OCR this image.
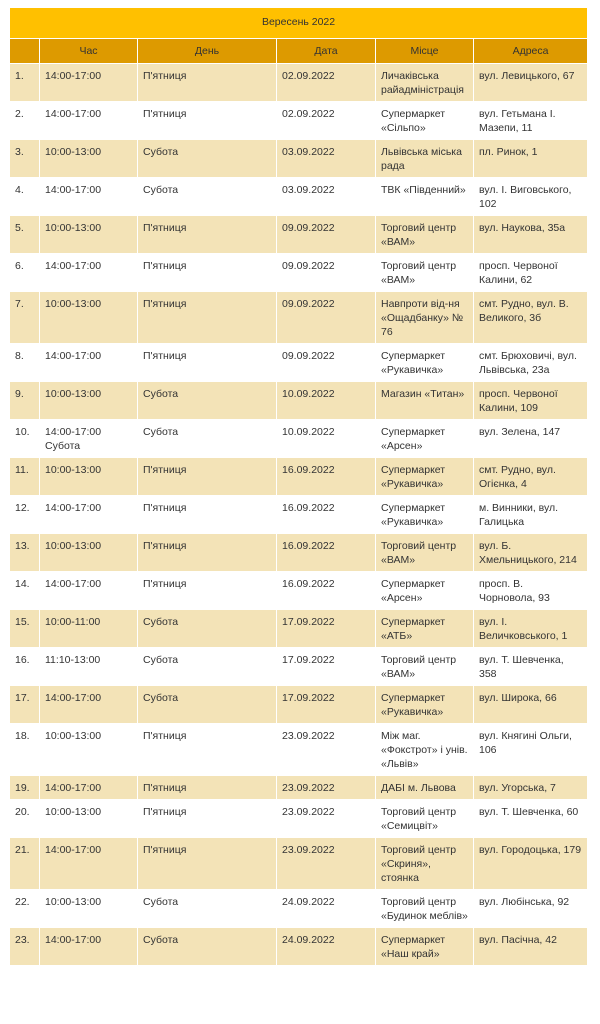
Вересень 2022					
	Час	День	Дата	Місце	Адреса
1.	14:00-17:00	П'ятниця	02.09.2022	Личаківська райадміністрація	вул. Левицького, 67
2.	14:00-17:00	П'ятниця	02.09.2022	Супермаркет «Сільпо»	вул. Гетьмана І. Мазепи, 11
3.	10:00-13:00	Субота	03.09.2022	Львівська міська рада	пл. Ринок, 1
4.	14:00-17:00	Субота	03.09.2022	ТВК «Південний»	вул. І. Виговського, 102
5.	10:00-13:00	П'ятниця	09.09.2022	Торговий центр «ВАМ»	вул. Наукова, 35а
6.	14:00-17:00	П'ятниця	09.09.2022	Торговий центр «ВАМ»	просп. Червоної Калини, 62
7.	10:00-13:00	П'ятниця	09.09.2022	Навпроти від-ня «Ощадбанку» № 76	смт. Рудно, вул. В. Великого, 3б
8.	14:00-17:00	П'ятниця	09.09.2022	Супермаркет «Рукавичка»	смт. Брюховичі, вул. Львівська, 23а
9.	10:00-13:00	Субота	10.09.2022	Магазин «Титан»	просп. Червоної Калини, 109
10.	14:00-17:00 Субота	Субота	10.09.2022	Супермаркет «Арсен»	вул. Зелена, 147
11.	10:00-13:00	П'ятниця	16.09.2022	Супермаркет «Рукавичка»	смт. Рудно, вул. Огієнка, 4
12.	14:00-17:00	П'ятниця	16.09.2022	Супермаркет «Рукавичка»	м. Винники, вул. Галицька
13.	10:00-13:00	П'ятниця	16.09.2022	Торговий центр «ВАМ»	вул. Б. Хмельницького, 214
14.	14:00-17:00	П'ятниця	16.09.2022	Супермаркет «Арсен»	просп. В. Чорновола, 93
15.	10:00-11:00	Субота	17.09.2022	Супермаркет «АТБ»	вул. І. Величковського, 1
16.	11:10-13:00	Субота	17.09.2022	Торговий центр «ВАМ»	вул. Т. Шевченка, 358
17.	14:00-17:00	Субота	17.09.2022	Супермаркет «Рукавичка»	вул. Широка, 66
18.	10:00-13:00	П'ятниця	23.09.2022	Між маг. «Фокстрот» і унів. «Львів»	вул. Княгині Ольги, 106
19.	14:00-17:00	П'ятниця	23.09.2022	ДАБІ м. Львова	вул. Угорська, 7
20.	10:00-13:00	П'ятниця	23.09.2022	Торговий центр «Семицвіт»	вул. Т. Шевченка, 60
21.	14:00-17:00	П'ятниця	23.09.2022	Торговий центр «Скриня», стоянка	вул. Городоцька, 179
22.	10:00-13:00	Субота	24.09.2022	Торговий центр «Будинок меблів»	вул. Любінська, 92
23.	14:00-17:00	Субота	24.09.2022	Супермаркет «Наш край»	вул. Пасічна, 42
